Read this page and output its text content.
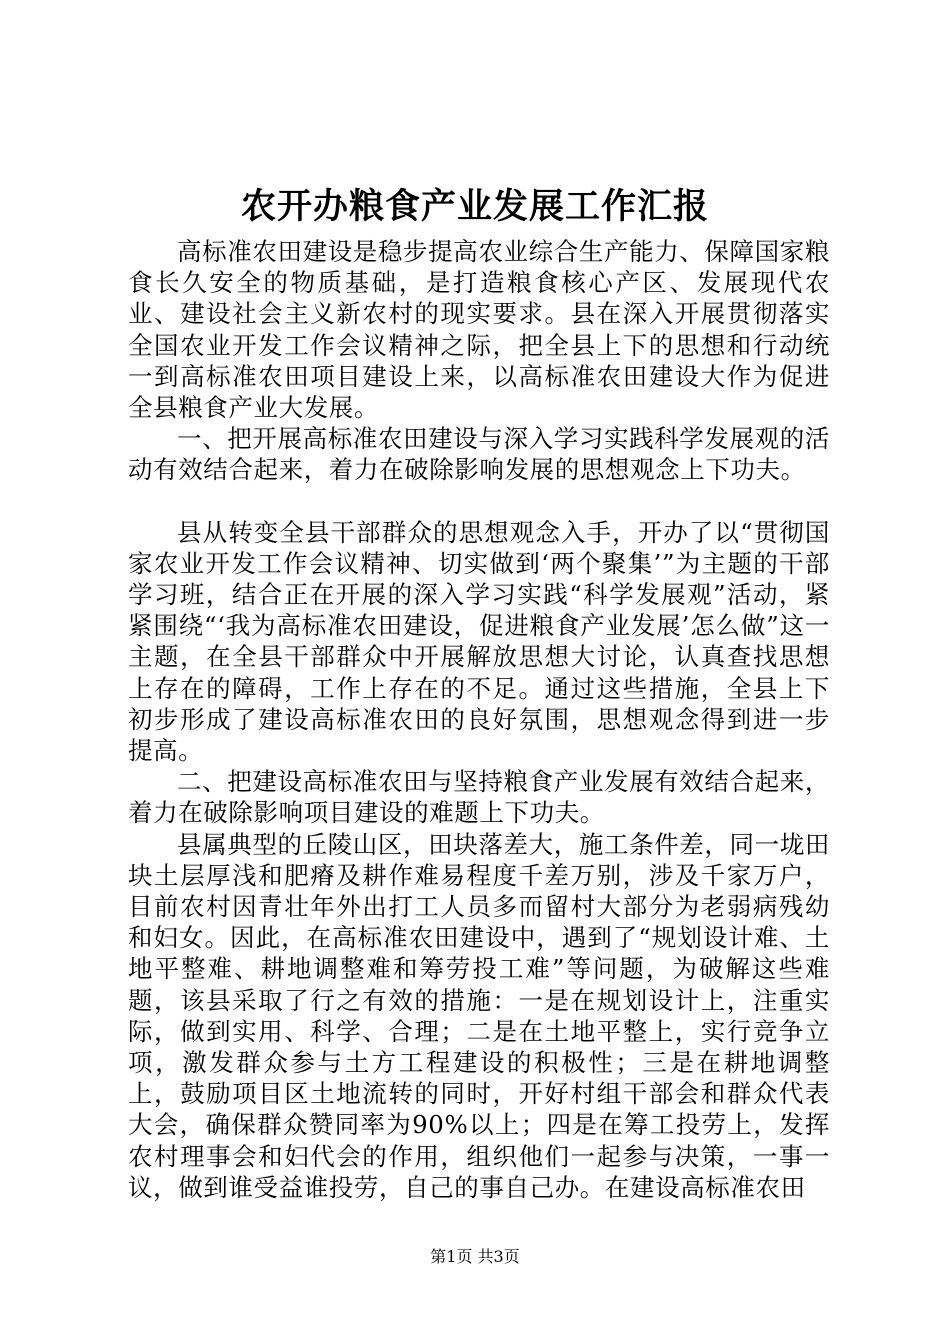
农开办粮食产业发展工作汇报

高标准农田建设是稳步提高农业综合生产能力、保障国家粮食长久安全的物质基础，是打造粮食核心产区、发展现代农业、建设社会主义新农村的现实要求。县在深入开展贯彻落实全国农业开发工作会议精神之际，把全县上下的思想和行动统一到高标准农田项目建设上来，以高标准农田建设大作为促进全县粮食产业大发展。

一、把开展高标准农田建设与深入学习实践科学发展观的活动有效结合起来，着力在破除影响发展的思想观念上下功夫。

县从转变全县干部群众的思想观念入手，开办了以“贯彻国家农业开发工作会议精神、切实做到‘两个聚集’”为主题的干部学习班，结合正在开展的深入学习实践“科学发展观”活动，紧紧围绕“‘我为高标准农田建设，促进粮食产业发展’怎么做”这一主题，在全县干部群众中开展解放思想大讨论，认真查找思想上存在的障碍，工作上存在的不足。通过这些措施，全县上下初步形成了建设高标准农田的良好氛围，思想观念得到进一步提高。

二、把建设高标准农田与坚持粮食产业发展有效结合起来，着力在破除影响项目建设的难题上下功夫。

县属典型的丘陵山区，田块落差大，施工条件差，同一垅田块土层厚浅和肥瘠及耕作难易程度千差万别，涉及千家万户，目前农村因青壮年外出打工人员多而留村大部分为老弱病残幼和妇女。因此，在高标准农田建设中，遇到了“规划设计难、土地平整难、耕地调整难和筹劳投工难”等问题，为破解这些难题，该县采取了行之有效的措施：一是在规划设计上，注重实际，做到实用、科学、合理；二是在土地平整上，实行竞争立项，激发群众参与土方工程建设的积极性；三是在耕地调整上，鼓励项目区土地流转的同时，开好村组干部会和群众代表大会，确保群众赞同率为90%以上；四是在筹工投劳上，发挥农村理事会和妇代会的作用，组织他们一起参与决策，一事一议，做到谁受益谁投劳，自己的事自己办。在建设高标准农田

第1页 共3页
